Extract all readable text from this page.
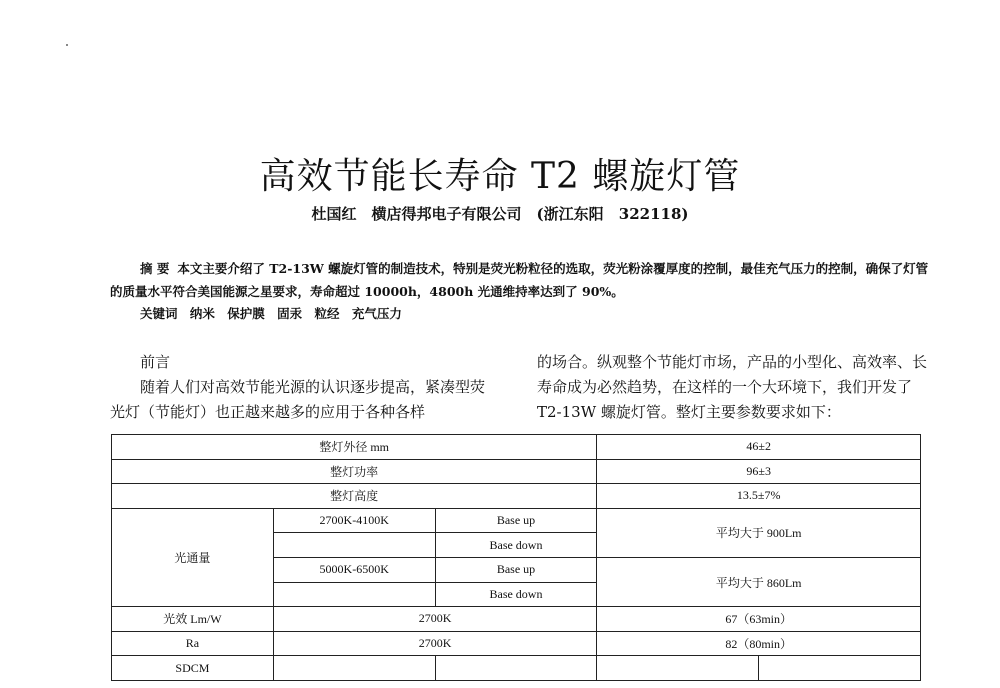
高效节能长寿命 T2 螺旋灯管
杜国红　横店得邦电子有限公司　(浙江东阳 322118)
摘 要 本文主要介绍了 T2-13W 螺旋灯管的制造技术，特别是荧光粉粒径的选取，荧光粉涂覆厚度的控制，最佳充气压力的控制，确保了灯管的质量水平符合美国能源之星要求，寿命超过 10000h，4800h 光通维持率达到了 90%。
关键词 纳米 保护膜 固汞 粒经 充气压力

前言

随着人们对高效节能光源的认识逐步提高，紧凑型荧光灯（节能灯）也正越来越多的应用于各种各样

的场合。纵观整个节能灯市场，产品的小型化、高效率、长寿命成为必然趋势，在这样的一个大环境下，我们开发了 T2-13W 螺旋灯管。整灯主要参数要求如下：

整灯外径 mm			46±2	
整灯功率			96±3	
整灯高度			13.5±7%	
光通量	2700K-4100K	Base up	平均大于 900Lm	
		Base down		
	5000K-6500K	Base up	平均大于 860Lm	
		Base down		
光效 Lm/W	2700K		67（63min）	
Ra	2700K		82（80min）	
SDCM				
